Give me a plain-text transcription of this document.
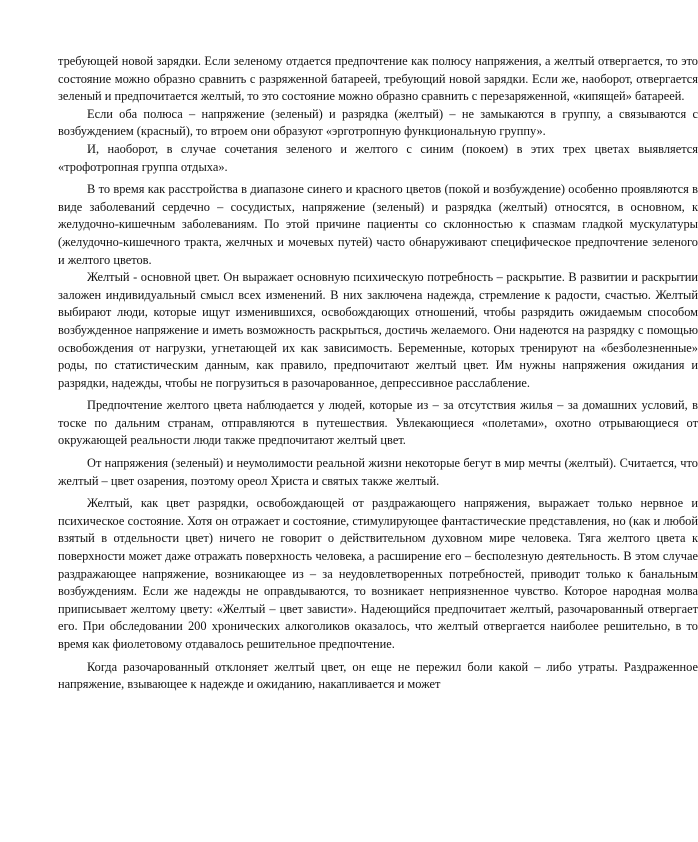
требующей новой зарядки. Если зеленому отдается предпочтение как полюсу напряжения, а желтый отвергается, то это состояние можно образно сравнить с разряженной батареей, требующий новой зарядки. Если же, наоборот, отвергается зеленый и предпочитается желтый, то это состояние можно образно сравнить с перезаряженной, «кипящей» батареей.

Если оба полюса – напряжение (зеленый) и разрядка (желтый) – не замыкаются в группу, а связываются с возбуждением (красный), то втроем они образуют «эрготропную функциональную группу».

И, наоборот, в случае сочетания зеленого и желтого с синим (покоем) в этих трех цветах выявляется «трофотропная группа отдыха».

В то время как расстройства в диапазоне синего и красного цветов (покой и возбуждение) особенно проявляются в виде заболеваний сердечно – сосудистых, напряжение (зеленый) и разрядка (желтый) относятся, в основном, к желудочно-кишечным заболеваниям. По этой причине пациенты со склонностью к спазмам гладкой мускулатуры (желудочно-кишечного тракта, желчных и мочевых путей) часто обнаруживают специфическое предпочтение зеленого и желтого цветов.

Желтый - основной цвет. Он выражает основную психическую потребность – раскрытие. В развитии и раскрытии заложен индивидуальный смысл всех изменений. В них заключена надежда, стремление к радости, счастью. Желтый выбирают люди, которые ищут изменившихся, освобождающих отношений, чтобы разрядить ожидаемым способом возбужденное напряжение и иметь возможность раскрыться, достичь желаемого. Они надеются на разрядку с помощью освобождения от нагрузки, угнетающей их как зависимость. Беременные, которых тренируют на «безболезненные» роды, по статистическим данным, как правило, предпочитают желтый цвет. Им нужны напряжения ожидания и разрядки, надежды, чтобы не погрузиться в разочарованное, депрессивное расслабление.

Предпочтение желтого цвета наблюдается у людей, которые из – за отсутствия жилья – за домашних условий, в тоске по дальним странам, отправляются в путешествия. Увлекающиеся «полетами», охотно отрывающиеся от окружающей реальности люди также предпочитают желтый цвет.

От напряжения (зеленый) и неумолимости реальной жизни некоторые бегут в мир мечты (желтый). Считается, что желтый – цвет озарения, поэтому ореол Христа и святых также желтый.

Желтый, как цвет разрядки, освобождающей от раздражающего напряжения, выражает только нервное и психическое состояние. Хотя он отражает и состояние, стимулирующее фантастические представления, но (как и любой взятый в отдельности цвет) ничего не говорит о действительном духовном мире человека. Тяга желтого цвета к поверхности может даже отражать поверхность человека, а расширение его – бесполезную деятельность. В этом случае раздражающее напряжение, возникающее из – за неудовлетворенных потребностей, приводит только к банальным возбуждениям. Если же надежды не оправдываются, то возникает неприязненное чувство. Которое народная молва приписывает желтому цвету: «Желтый – цвет зависти». Надеющийся предпочитает желтый, разочарованный отвергает его. При обследовании 200 хронических алкоголиков оказалось, что желтый отвергается наиболее решительно, в то время как фиолетовому отдавалось решительное предпочтение.

Когда разочарованный отклоняет желтый цвет, он еще не пережил боли какой – либо утраты. Раздраженное напряжение, взывающее к надежде и ожиданию, накапливается и может
